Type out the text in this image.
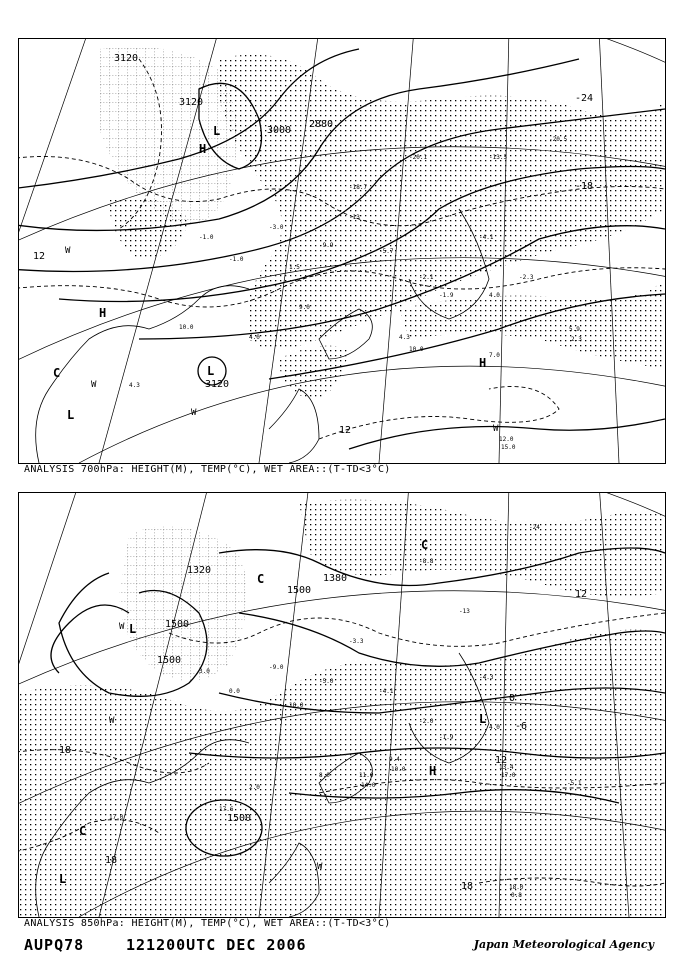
-1.0
-1.0
-3.0
1.5
-9.9
-13
-5.7
-2.1
-1.9
-4.1
4.0
-2.3
4.3
10.0
7.0
5.9
2.3
10.0
4.3
-18.7
-20.1	-13.5
-20.5
12.0
15.0
4.0
9.0
3120
3120
3000
2880
3120
H
H
H
L
L
L
C
12
12
-18
-24
W
W
W
W
ANALYSIS 700hPa: HEIGHT(M), TEMP(°C), WET AREA::(T-TD<3°C)
3.0
0.0
-9.0
10.0
-5.0
-3.3
-4.1
-2.0
-1.9
-4.3
4.0
9.4
10.0
11.0
14.0
8.0
2.0
13.4
17.0
-5.1
-13
-24
-8.8
17.0
18.0
0.8
17.6
1500
1500
1500
1320
1380
1500
H
L
L
L
C
C
C
18
18
12
12
18
-6
0
W
W
W
ANALYSIS 850hPa: HEIGHT(M), TEMP(°C), WET AREA::(T-TD<3°C)
AUPQ78	121200UTC DEC 2006	Japan Meteorological Agency
